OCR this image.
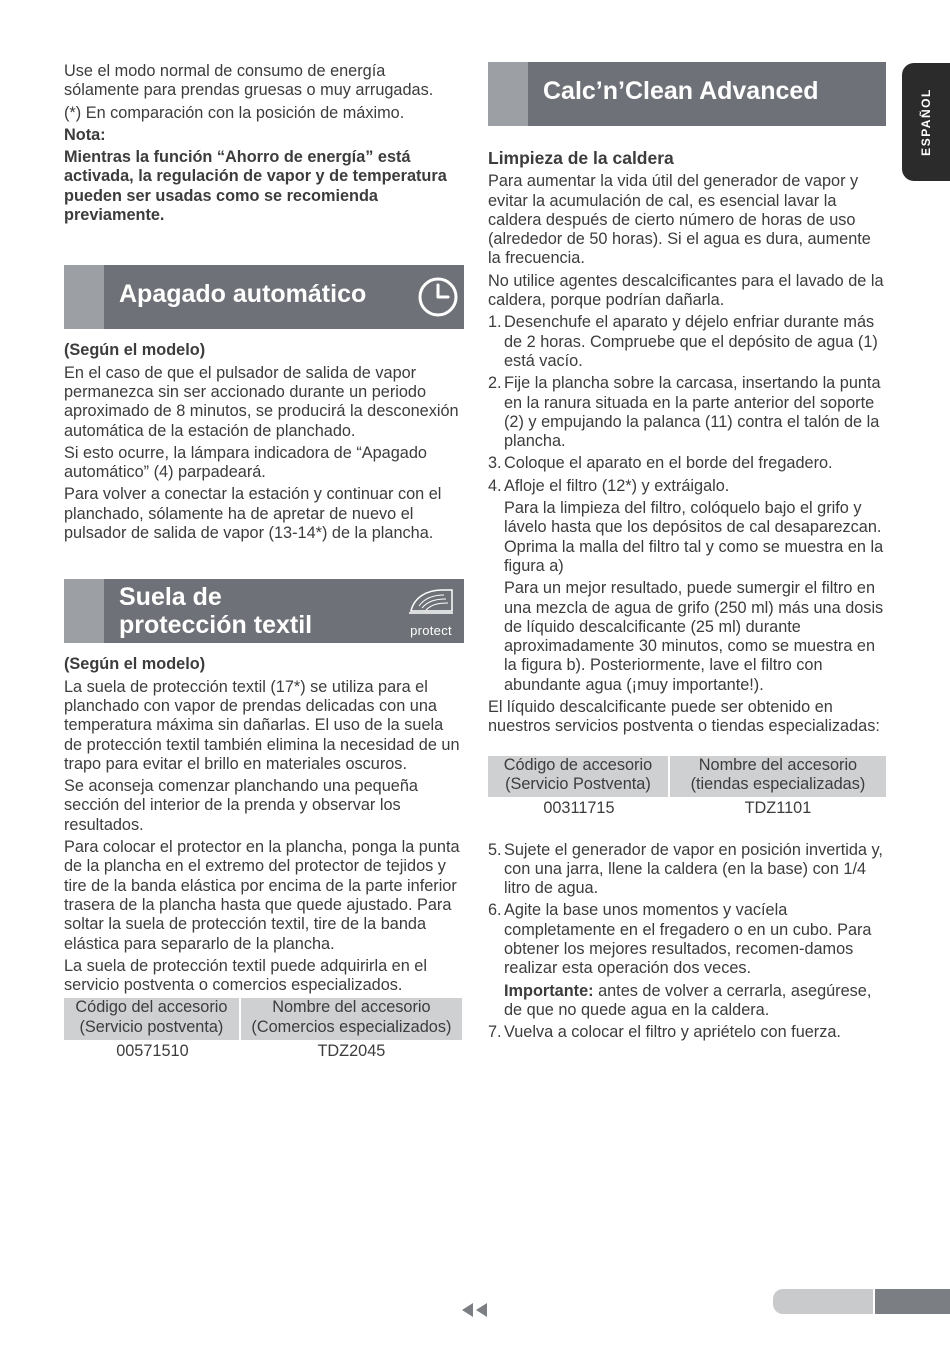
ESPAÑOL

Use el modo normal de consumo de energía sólamente para prendas gruesas o muy arrugadas.

(*) En comparación con la posición de máximo.

Nota:

Mientras la función “Ahorro de energía” está activada, la regulación de vapor y de temperatura pueden ser usadas como se recomienda previamente.

Apagado automático

(Según el modelo)

En el caso de que el pulsador de salida de vapor permanezca sin ser accionado durante un periodo aproximado de 8 minutos, se producirá la desconexión automática de la estación de planchado.

Si esto ocurre, la lámpara indicadora de “Apagado automático” (4) parpadeará.

Para volver a conectar la estación y continuar con el planchado, sólamente ha de apretar de nuevo el pulsador de salida de vapor (13-14*) de la plancha.

Suela de
protección textil	protect

(Según el modelo)

La suela de protección textil (17*) se utiliza para el planchado con vapor de prendas delicadas con una temperatura máxima sin dañarlas. El uso de la suela de protección textil también elimina la necesidad de un trapo para evitar el brillo en materiales oscuros.

Se aconseja comenzar planchando una pequeña sección del interior de la prenda y observar los resultados.

Para colocar el protector en la plancha, ponga la punta de la plancha en el extremo del protector de tejidos y tire de la banda elástica por encima de la parte inferior trasera de la plancha hasta que quede ajustado. Para soltar la suela de protección textil, tire de la banda elástica para separarlo de la plancha.

La suela de protección textil puede adquirirla en el servicio postventa o comercios especializados.

Código del accesorio (Servicio postventa)	Nombre del accesorio (Comercios especializados)
00571510	TDZ2045
Calc’n’Clean Advanced

Limpieza de la caldera

Para aumentar la vida útil del generador de vapor y evitar la acumulación de cal, es esencial lavar la caldera después de cierto número de horas de uso (alrededor de 50 horas). Si el agua es dura, aumente la frecuencia.

No utilice agentes descalcificantes para el lavado de la caldera, porque podrían dañarla.

1. Desenchufe el aparato y déjelo enfriar durante más de 2 horas. Compruebe que el depósito de agua (1) está vacío.
2. Fije la plancha sobre la carcasa, insertando la punta en la ranura situada en la parte anterior del soporte (2) y empujando la palanca (11) contra el talón de la plancha.
3. Coloque el aparato en el borde del fregadero.
4. Afloje el filtro (12*) y extráigalo.

Para la limpieza del filtro, colóquelo bajo el grifo y lávelo hasta que los depósitos de cal desaparezcan. Oprima la malla del filtro tal y como se muestra en la figura a)

Para un mejor resultado, puede sumergir el filtro en una mezcla de agua de grifo (250 ml) más una dosis de líquido descalcificante (25 ml) durante aproximadamente 30 minutos, como se muestra en la figura b). Posteriormente, lave el filtro con abundante agua (¡muy importante!).

El líquido descalcificante puede ser obtenido en nuestros servicios postventa o tiendas especializadas:

Código de accesorio (Servicio Postventa)	Nombre del accesorio (tiendas especializadas)
00311715	TDZ1101
5. Sujete el generador de vapor en posición invertida y, con una jarra, llene la caldera (en la base) con 1/4 litro de agua.
6. Agite la base unos momentos y vacíela completamente en el fregadero o en un cubo. Para obtener los mejores resultados, recomen-damos realizar esta operación dos veces.

Importante: antes de volver a cerrarla, asegúrese, de que no quede agua en la caldera.

7. Vuelva a colocar el filtro y apriételo con fuerza.
